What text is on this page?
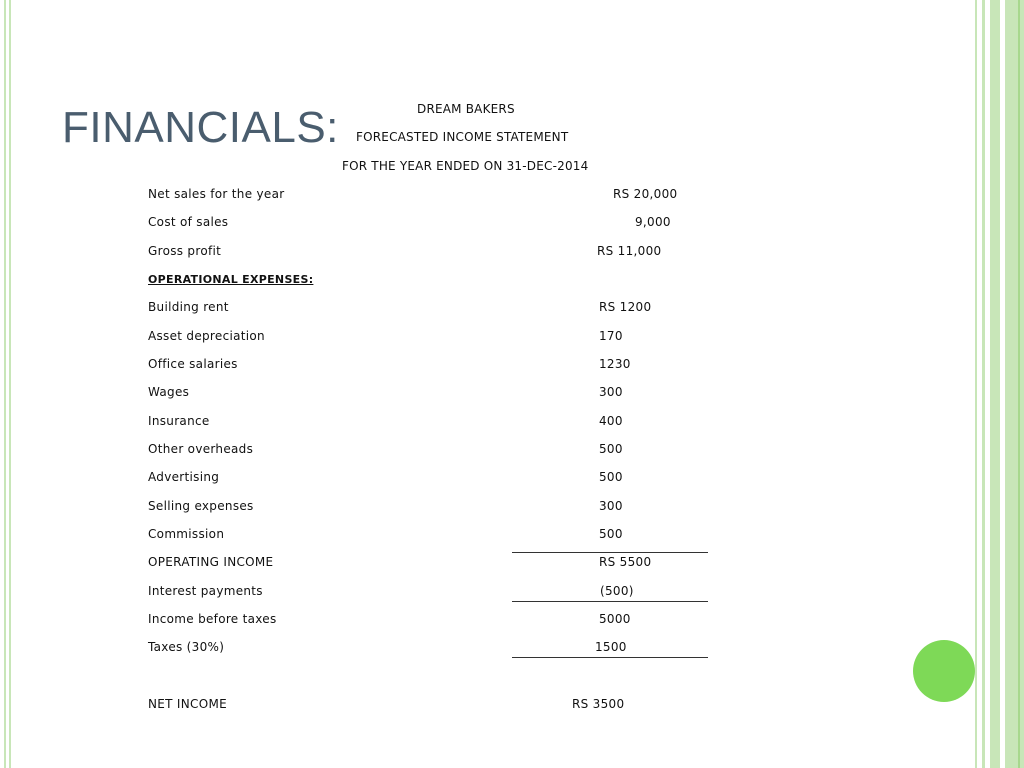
FINANCIALS:	DREAM BAKERS
FORECASTED INCOME STATEMENT
FOR THE YEAR ENDED ON 31-DEC-2014
Net sales for the year	RS 20,000
Cost of sales	9,000
Gross profit	RS 11,000
OPERATIONAL EXPENSES:
Building rent	RS 1200
Asset depreciation	170
Office salaries	1230
Wages	300
Insurance	400
Other overheads	500
Advertising	500
Selling expenses	300
Commission	500
OPERATING INCOME	RS 5500
Interest payments	(500)
Income before taxes	5000
Taxes (30%)	1500
NET INCOME	RS 3500
